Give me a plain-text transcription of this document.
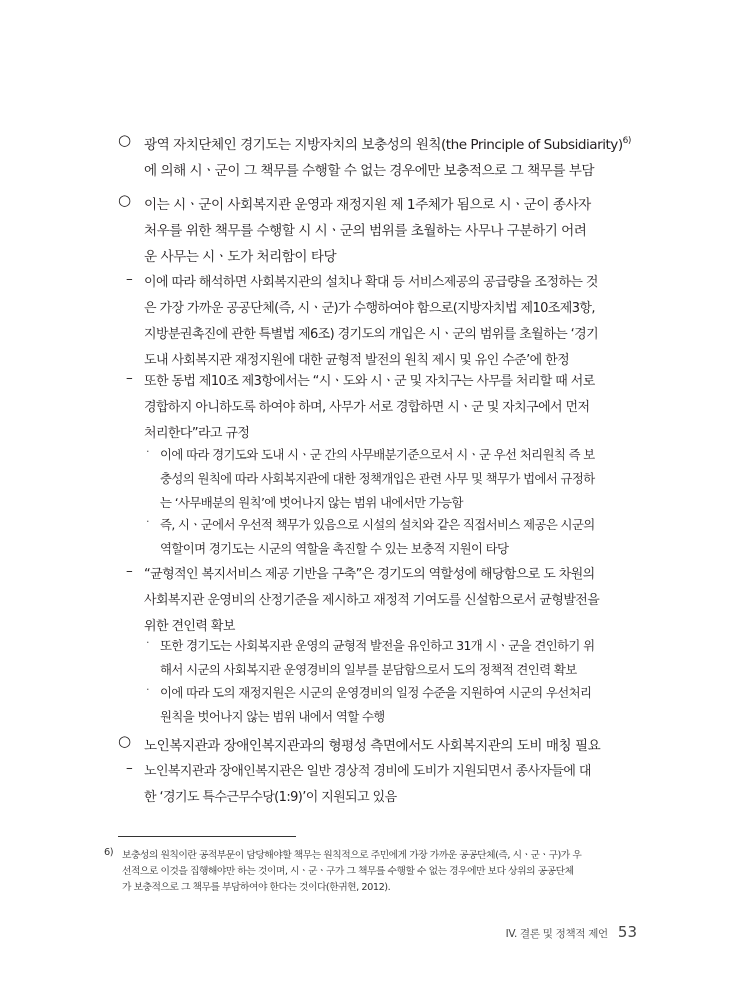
○ 광역 자치단체인 경기도는 지방자치의 보충성의 원칙(the Principle of Subsidiarity)$^{6)}$
에 의해 시ㆍ군이 그 책무를 수행할 수 없는 경우에만 보충적으로 그 책무를 부담
○ 이는 시ㆍ군이 사회복지관 운영과 재정지원 제 1주체가 됨으로 시ㆍ군이 종사자
처우를 위한 책무를 수행할 시 시ㆍ군의 범위를 초월하는 사무나 구분하기 어려
운 사무는 시ㆍ도가 처리함이 타당
– 이에 따라 해석하면 사회복지관의 설치나 확대 등 서비스제공의 공급량을 조정하는 것
은 가장 가까운 공공단체(즉, 시ㆍ군)가 수행하여야 함으로(지방자치법 제10조제3항,
지방분권촉진에 관한 특별법 제6조) 경기도의 개입은 시ㆍ군의 범위를 초월하는 ‘경기
도내 사회복지관 재정지원에 대한 균형적 발전의 원칙 제시 및 유인 수준’에 한정
– 또한 동법 제10조 제3항에서는 “시ㆍ도와 시ㆍ군 및 자치구는 사무를 처리할 때 서로
경합하지 아니하도록 하여야 하며, 사무가 서로 경합하면 시ㆍ군 및 자치구에서 먼저
처리한다”라고 규정
· 이에 따라 경기도와 도내 시ㆍ군 간의 사무배분기준으로서 시ㆍ군 우선 처리원칙 즉 보
충성의 원칙에 따라 사회복지관에 대한 정책개입은 관련 사무 및 책무가 법에서 규정하
는 ‘사무배분의 원칙’에 벗어나지 않는 범위 내에서만 가능함
· 즉, 시ㆍ군에서 우선적 책무가 있음으로 시설의 설치와 같은 직접서비스 제공은 시군의
역할이며 경기도는 시군의 역할을 촉진할 수 있는 보충적 지원이 타당
– “균형적인 복지서비스 제공 기반을 구축”은 경기도의 역할성에 해당함으로 도 차원의
사회복지관 운영비의 산정기준을 제시하고 재정적 기여도를 신설함으로서 균형발전을
위한 견인력 확보
· 또한 경기도는 사회복지관 운영의 균형적 발전을 유인하고 31개 시ㆍ군을 견인하기 위
해서 시군의 사회복지관 운영경비의 일부를 분담함으로서 도의 정책적 견인력 확보
· 이에 따라 도의 재정지원은 시군의 운영경비의 일정 수준을 지원하여 시군의 우선처리
원칙을 벗어나지 않는 범위 내에서 역할 수행
○ 노인복지관과 장애인복지관과의 형평성 측면에서도 사회복지관의 도비 매칭 필요
– 노인복지관과 장애인복지관은 일반 경상적 경비에 도비가 지원되면서 종사자들에 대
한 ‘경기도 특수근무수당(1:9)’이 지원되고 있음
6) 보충성의 원칙이란 공적부문이 담당해야할 책무는 원칙적으로 주민에게 가장 가까운 공공단체(즉, 시ㆍ군ㆍ구)가 우
선적으로 이것을 집행해야만 하는 것이며, 시ㆍ군ㆍ구가 그 책무를 수행할 수 없는 경우에만 보다 상위의 공공단체
가 보충적으로 그 책무를 부담하여야 한다는 것이다(한귀현, 2012).
IV. 결론 및 정책적 제언 53
